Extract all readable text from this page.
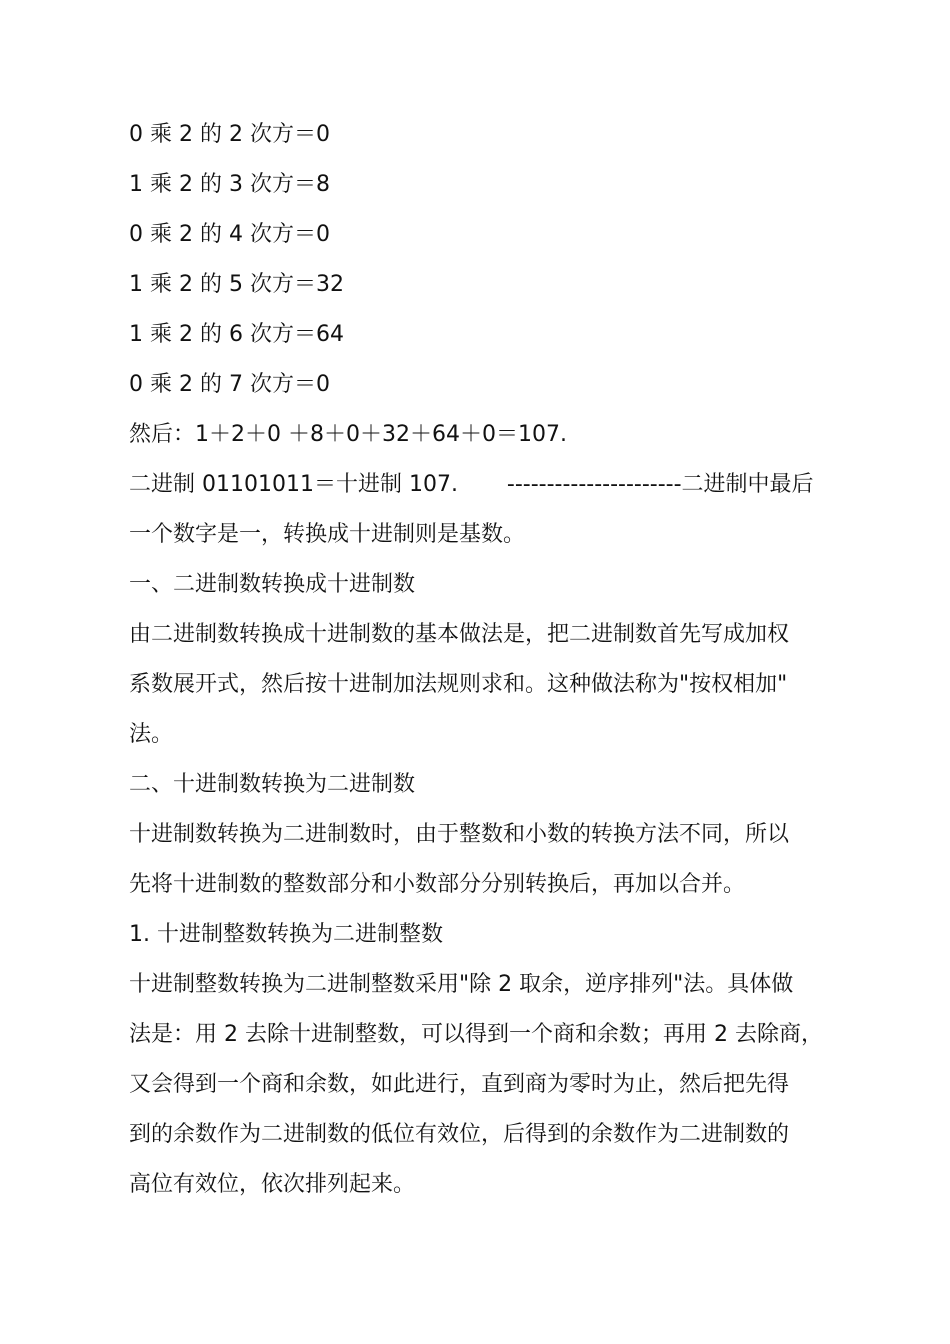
0 乘 2 的 2 次方＝0
1 乘 2 的 3 次方＝8
0 乘 2 的 4 次方＝0
1 乘 2 的 5 次方＝32
1 乘 2 的 6 次方＝64
0 乘 2 的 7 次方＝0
然后：1＋2＋0 ＋8＋0＋32＋64＋0＝107.
二进制 01101011＝十进制 107.       ----------------------二进制中最后
一个数字是一，转换成十进制则是基数。
一、二进制数转换成十进制数
由二进制数转换成十进制数的基本做法是，把二进制数首先写成加权
系数展开式，然后按十进制加法规则求和。这种做法称为"按权相加"
法。
二、十进制数转换为二进制数
十进制数转换为二进制数时，由于整数和小数的转换方法不同，所以
先将十进制数的整数部分和小数部分分别转换后，再加以合并。
1. 十进制整数转换为二进制整数
十进制整数转换为二进制整数采用"除 2 取余，逆序排列"法。具体做
法是：用 2 去除十进制整数，可以得到一个商和余数；再用 2 去除商，
又会得到一个商和余数，如此进行，直到商为零时为止，然后把先得
到的余数作为二进制数的低位有效位，后得到的余数作为二进制数的
高位有效位，依次排列起来。
